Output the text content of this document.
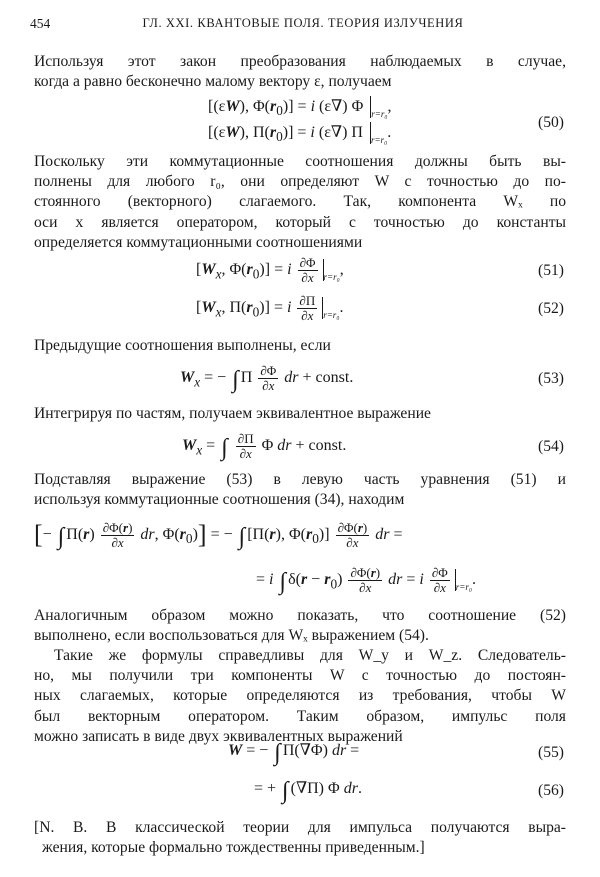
454	ГЛ. XXI. КВАНТОВЫЕ ПОЛЯ. ТЕОРИЯ ИЗЛУЧЕНИЯ
Используя этот закон преобразования наблюдаемых в случае,
когда a равно бесконечно малому вектору ε, получаем
[(εW), $\Phi(r_0)] = i$ (ε∇) Φ $_{r=r_0}$,
[(εW), $\Pi(r_0)] = i$ (ε∇) Π $_{r=r_0}$.
(50)
Поскольку эти коммутационные соотношения должны быть вы-
полнены для любого r₀, они определяют W с точностью до по-
стоянного (векторного) слагаемого. Так, компонента Wₓ по
оси x является оператором, который с точностью до константы
определяется коммутационными соотношениями
[$W_x$, $\Phi(r_0)] = i \frac{\partial\Phi}{\partial x} _{r=r_0}$,	(51)
[$W_x$, $\Pi(r_0)] = i \frac{\partial\Pi}{\partial x} _{r=r_0}$.	(52)
Предыдущие соотношения выполнены, если
$W_x$ = − ∫ Π $\frac{\partial\Phi}{\partial x}$ dr + const.	(53)
Интегрируя по частям, получаем эквивалентное выражение
$W_x$ = ∫ $\frac{\partial\Pi}{\partial x}$ Φ dr + const.	(54)
Подставляя выражение (53) в левую часть уравнения (51) и
используя коммутационные соотношения (34), находим
[− ∫ $\Pi(r) \frac{\partial\Phi(r)}{\partial x}$ dr, $\Phi(r_0)$] = − ∫ [Π(r), $\Phi(r_0)] \frac{\partial\Phi(r)}{\partial x}$ dr =
= i ∫ $\delta(r - r_0) \frac{\partial\Phi(r)}{\partial x}$ dr = i $\frac{\partial\Phi}{\partial x} _{r=r_0}$.
Аналогичным образом можно показать, что соотношение (52)
выполнено, если воспользоваться для Wₓ выражением (54).
Такие же формулы справедливы для W_y и W_z. Следователь-
но, мы получили три компоненты W с точностью до постоян-
ных слагаемых, которые определяются из требования, чтобы W
был векторным оператором. Таким образом, импульс поля
можно записать в виде двух эквивалентных выражений
W = − ∫ Π(∇Φ) dr =	(55)
= + ∫ (∇Π) Φ dr.	(56)
[N. B. В классической теории для импульса получаются выра-
жения, которые формально тождественны приведенным.]
